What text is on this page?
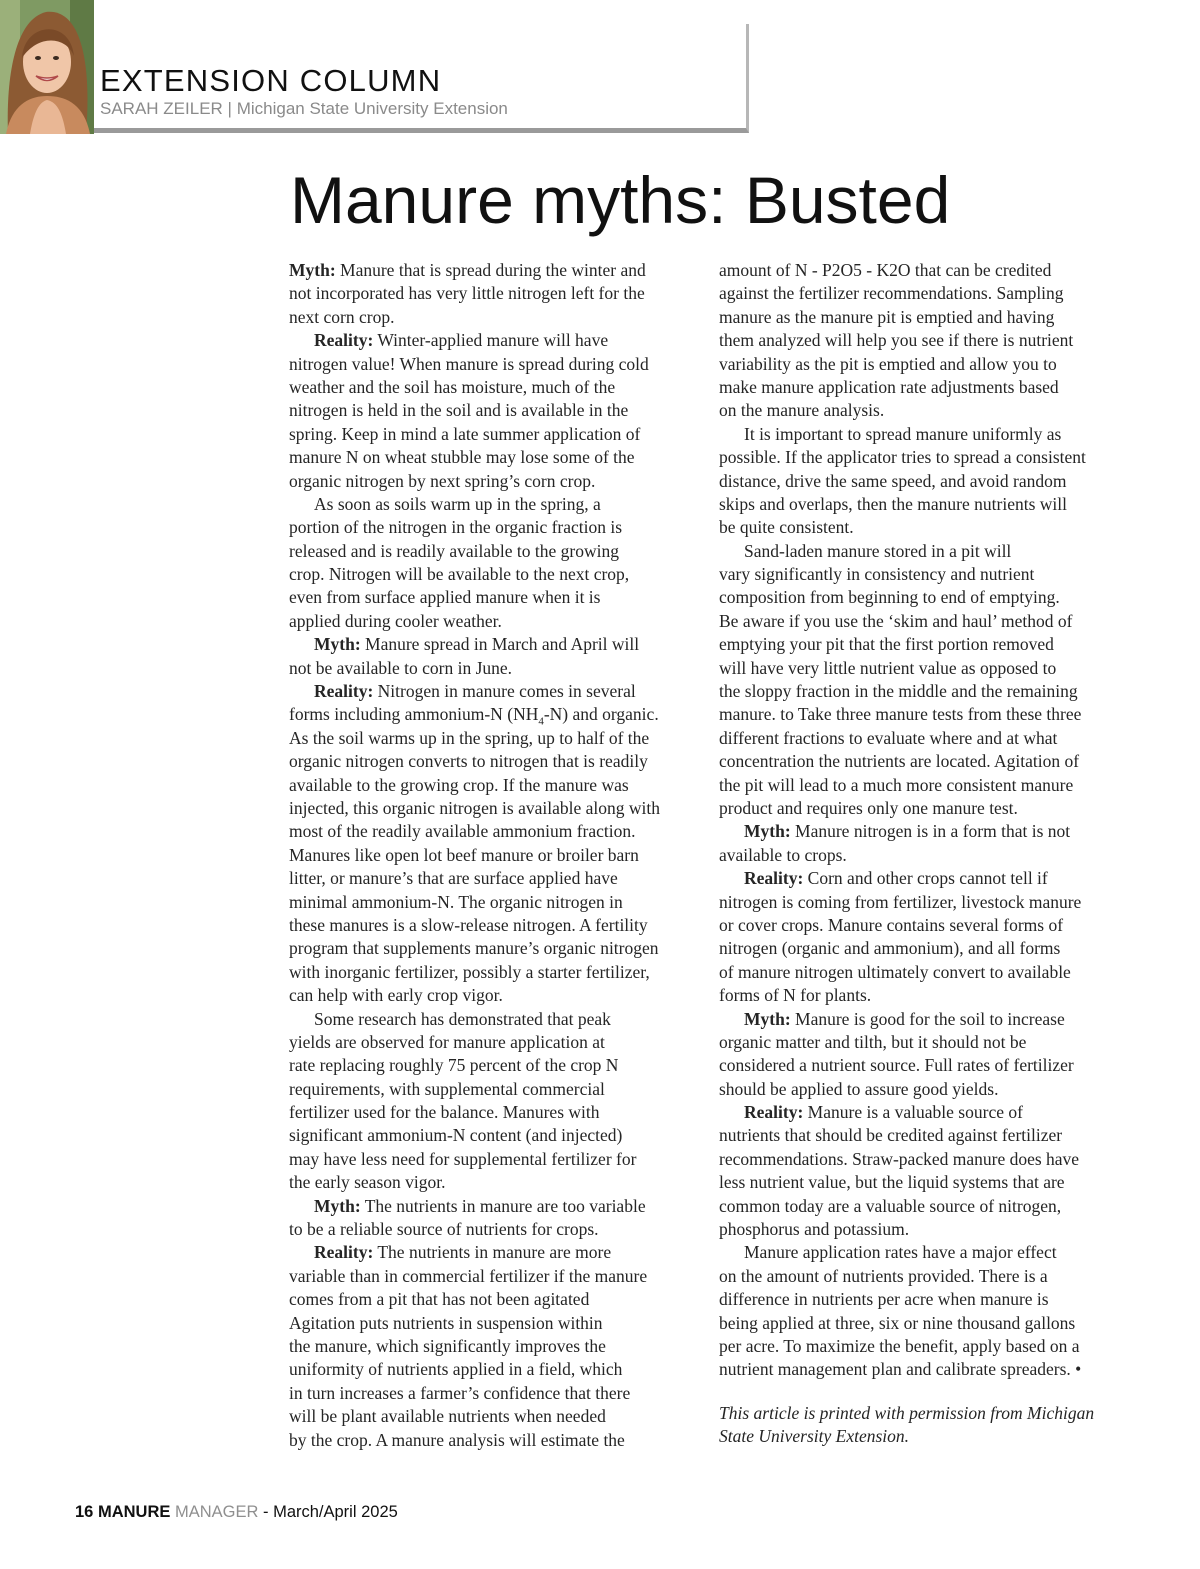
EXTENSION COLUMN
SARAH ZEILER | Michigan State University Extension
Manure myths: Busted
Myth: Manure that is spread during the winter and
not incorporated has very little nitrogen left for the
next corn crop.
Reality: Winter-applied manure will have
nitrogen value! When manure is spread during cold
weather and the soil has moisture, much of the
nitrogen is held in the soil and is available in the
spring. Keep in mind a late summer application of
manure N on wheat stubble may lose some of the
organic nitrogen by next spring’s corn crop.
As soon as soils warm up in the spring, a
portion of the nitrogen in the organic fraction is
released and is readily available to the growing
crop. Nitrogen will be available to the next crop,
even from surface applied manure when it is
applied during cooler weather.
Myth: Manure spread in March and April will
not be available to corn in June.
Reality: Nitrogen in manure comes in several
forms including ammonium-N $(NH_4-N)$ and organic.
As the soil warms up in the spring, up to half of the
organic nitrogen converts to nitrogen that is readily
available to the growing crop. If the manure was
injected, this organic nitrogen is available along with
most of the readily available ammonium fraction.
Manures like open lot beef manure or broiler barn
litter, or manure’s that are surface applied have
minimal ammonium-N. The organic nitrogen in
these manures is a slow-release nitrogen. A fertility
program that supplements manure’s organic nitrogen
with inorganic fertilizer, possibly a starter fertilizer,
can help with early crop vigor.
Some research has demonstrated that peak
yields are observed for manure application at
rate replacing roughly 75 percent of the crop N
requirements, with supplemental commercial
fertilizer used for the balance. Manures with
significant ammonium-N content (and injected)
may have less need for supplemental fertilizer for
the early season vigor.
Myth: The nutrients in manure are too variable
to be a reliable source of nutrients for crops.
Reality: The nutrients in manure are more
variable than in commercial fertilizer if the manure
comes from a pit that has not been agitated
Agitation puts nutrients in suspension within
the manure, which significantly improves the
uniformity of nutrients applied in a field, which
in turn increases a farmer’s confidence that there
will be plant available nutrients when needed
by the crop. A manure analysis will estimate the
amount of N - P2O5 - K2O that can be credited
against the fertilizer recommendations. Sampling
manure as the manure pit is emptied and having
them analyzed will help you see if there is nutrient
variability as the pit is emptied and allow you to
make manure application rate adjustments based
on the manure analysis.
It is important to spread manure uniformly as
possible. If the applicator tries to spread a consistent
distance, drive the same speed, and avoid random
skips and overlaps, then the manure nutrients will
be quite consistent.
Sand-laden manure stored in a pit will
vary significantly in consistency and nutrient
composition from beginning to end of emptying.
Be aware if you use the ‘skim and haul’ method of
emptying your pit that the first portion removed
will have very little nutrient value as opposed to
the sloppy fraction in the middle and the remaining
manure. to Take three manure tests from these three
different fractions to evaluate where and at what
concentration the nutrients are located. Agitation of
the pit will lead to a much more consistent manure
product and requires only one manure test.
Myth: Manure nitrogen is in a form that is not
available to crops.
Reality: Corn and other crops cannot tell if
nitrogen is coming from fertilizer, livestock manure
or cover crops. Manure contains several forms of
nitrogen (organic and ammonium), and all forms
of manure nitrogen ultimately convert to available
forms of N for plants.
Myth: Manure is good for the soil to increase
organic matter and tilth, but it should not be
considered a nutrient source. Full rates of fertilizer
should be applied to assure good yields.
Reality: Manure is a valuable source of
nutrients that should be credited against fertilizer
recommendations. Straw-packed manure does have
less nutrient value, but the liquid systems that are
common today are a valuable source of nitrogen,
phosphorus and potassium.
Manure application rates have a major effect
on the amount of nutrients provided. There is a
difference in nutrients per acre when manure is
being applied at three, six or nine thousand gallons
per acre. To maximize the benefit, apply based on a
nutrient management plan and calibrate spreaders. •
This article is printed with permission from Michigan
State University Extension.
16 MANURE MANAGER - March/April 2025
